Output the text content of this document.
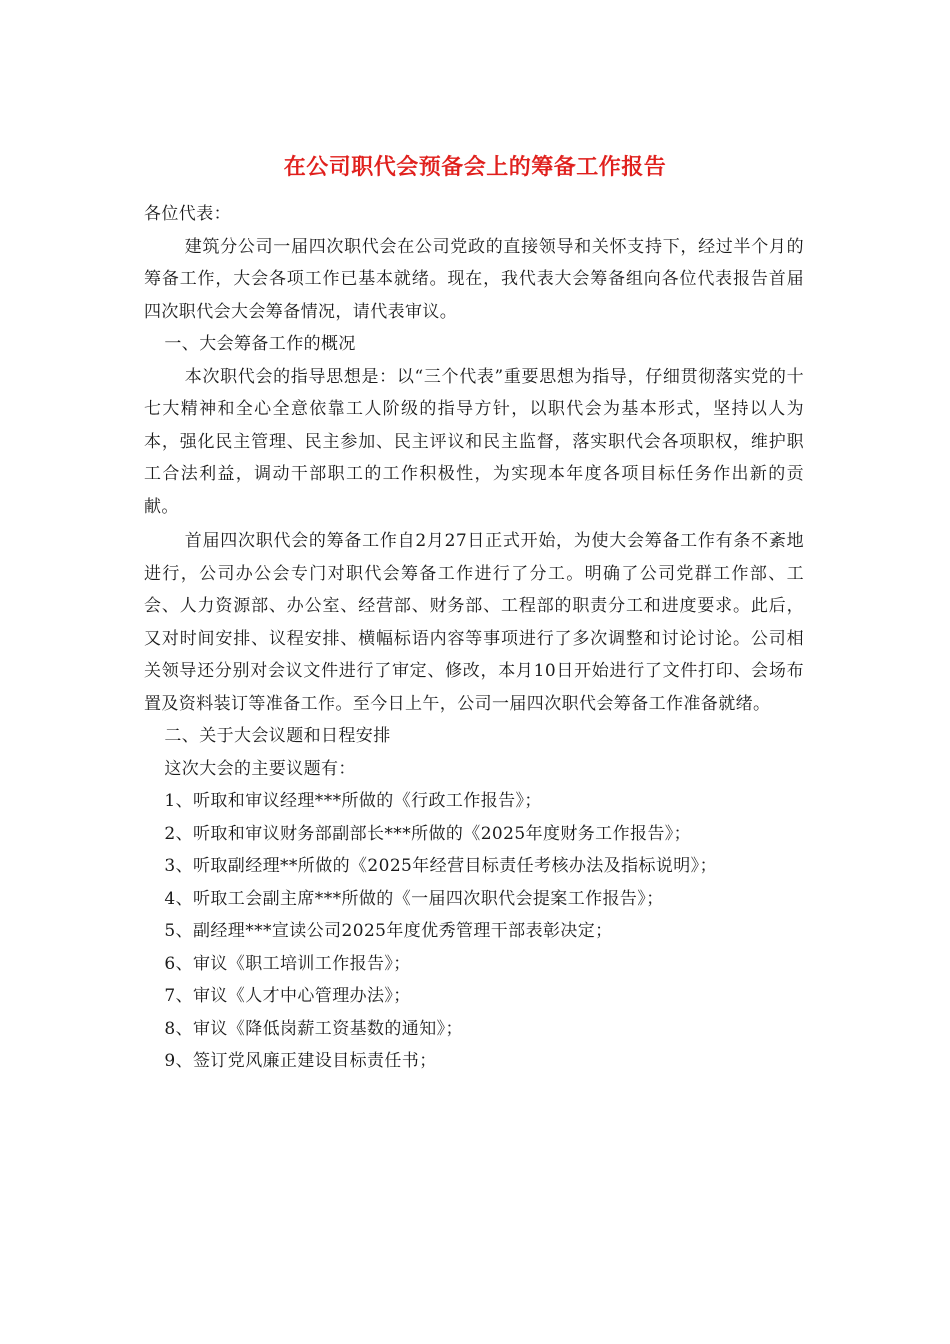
在公司职代会预备会上的筹备工作报告

各位代表：

建筑分公司一届四次职代会在公司党政的直接领导和关怀支持下，经过半个月的筹备工作，大会各项工作已基本就绪。现在，我代表大会筹备组向各位代表报告首届四次职代会大会筹备情况，请代表审议。

一、大会筹备工作的概况

本次职代会的指导思想是：以“三个代表”重要思想为指导，仔细贯彻落实党的十七大精神和全心全意依靠工人阶级的指导方针，以职代会为基本形式，坚持以人为本，强化民主管理、民主参加、民主评议和民主监督，落实职代会各项职权，维护职工合法利益，调动干部职工的工作积极性，为实现本年度各项目标任务作出新的贡献。

首届四次职代会的筹备工作自2月27日正式开始，为使大会筹备工作有条不紊地进行，公司办公会专门对职代会筹备工作进行了分工。明确了公司党群工作部、工会、人力资源部、办公室、经营部、财务部、工程部的职责分工和进度要求。此后，又对时间安排、议程安排、横幅标语内容等事项进行了多次调整和讨论讨论。公司相关领导还分别对会议文件进行了审定、修改，本月10日开始进行了文件打印、会场布置及资料装订等准备工作。至今日上午，公司一届四次职代会筹备工作准备就绪。

二、关于大会议题和日程安排

这次大会的主要议题有：

1、听取和审议经理***所做的《行政工作报告》；

2、听取和审议财务部副部长***所做的《2025年度财务工作报告》；

3、听取副经理**所做的《2025年经营目标责任考核办法及指标说明》；

4、听取工会副主席***所做的《一届四次职代会提案工作报告》；

5、副经理***宣读公司2025年度优秀管理干部表彰决定；

6、审议《职工培训工作报告》；

7、审议《人才中心管理办法》；

8、审议《降低岗薪工资基数的通知》；

9、签订党风廉正建设目标责任书；
